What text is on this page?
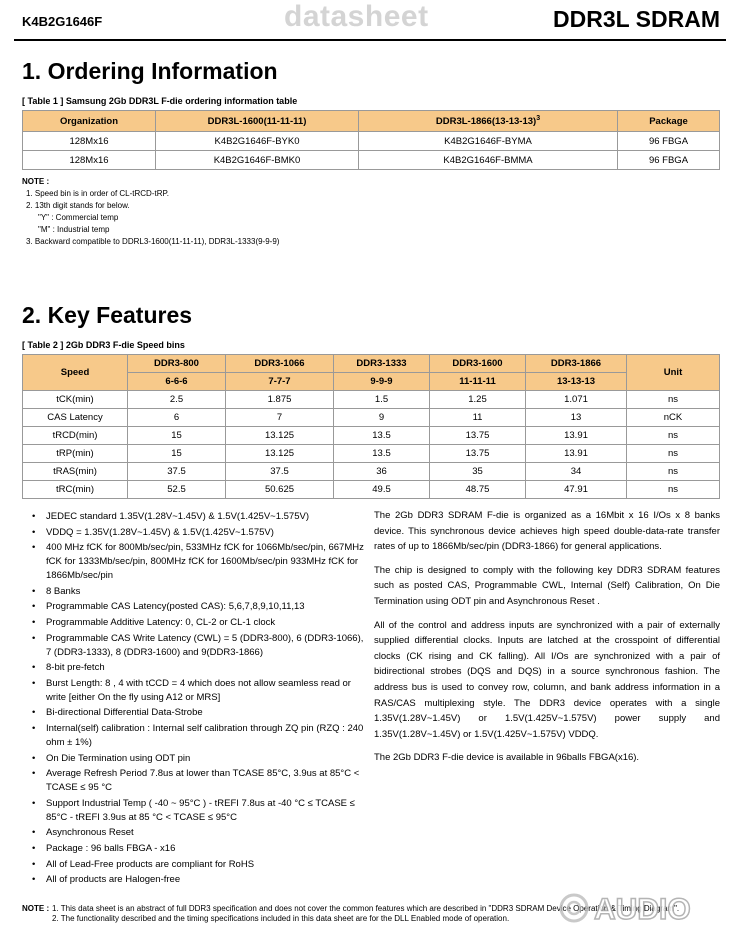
K4B2G1646F	datasheet	DDR3L SDRAM
1. Ordering Information
[ Table 1 ] Samsung 2Gb DDR3L F-die ordering information table
Organization	DDR3L-1600(11-11-11)	$DDR3L-1866(13-13-13)^3$	Package
128Mx16	K4B2G1646F-BYK0	K4B2G1646F-BYMA	96 FBGA
128Mx16	K4B2G1646F-BMK0	K4B2G1646F-BMMA	96 FBGA
NOTE :
1. Speed bin is in order of CL-tRCD-tRP.
2. 13th digit stands for below.
"Y" : Commercial temp
"M" : Industrial temp
3. Backward compatible to DDRL3-1600(11-11-11), DDR3L-1333(9-9-9)
2. Key Features
[ Table 2 ] 2Gb DDR3 F-die Speed bins
Speed	DDR3-800	DDR3-1066	DDR3-1333	DDR3-1600	DDR3-1866	Unit
	6-6-6	7-7-7	9-9-9	11-11-11	13-13-13	
tCK(min)	2.5	1.875	1.5	1.25	1.071	ns
CAS Latency	6	7	9	11	13	nCK
tRCD(min)	15	13.125	13.5	13.75	13.91	ns
tRP(min)	15	13.125	13.5	13.75	13.91	ns
tRAS(min)	37.5	37.5	36	35	34	ns
tRC(min)	52.5	50.625	49.5	48.75	47.91	ns
• JEDEC standard 1.35V(1.28V~1.45V) & 1.5V(1.425V~1.575V)
• VDDQ = 1.35V(1.28V~1.45V) & 1.5V(1.425V~1.575V)
• 400 MHz fCK for 800Mb/sec/pin, 533MHz fCK for 1066Mb/sec/pin, 667MHz fCK for 1333Mb/sec/pin, 800MHz fCK for 1600Mb/sec/pin 933MHz fCK for 1866Mb/sec/pin
• 8 Banks
• Programmable CAS Latency(posted CAS): 5,6,7,8,9,10,11,13
• Programmable Additive Latency: 0, CL-2 or CL-1 clock
• Programmable CAS Write Latency (CWL) = 5 (DDR3-800), 6 (DDR3-1066), 7 (DDR3-1333), 8 (DDR3-1600) and 9(DDR3-1866)
• 8-bit pre-fetch
• Burst Length: 8 , 4 with tCCD = 4 which does not allow seamless read or write [either On the fly using A12 or MRS]
• Bi-directional Differential Data-Strobe
• Internal(self) calibration : Internal self calibration through ZQ pin (RZQ : 240 ohm ± 1%)
• On Die Termination using ODT pin
• Average Refresh Period 7.8us at lower than TCASE 85°C, 3.9us at 85°C < TCASE ≤ 95 °C
• Support Industrial Temp ( -40 ~ 95°C ) - tREFI 7.8us at -40 °C ≤ TCASE ≤ 85°C - tREFI 3.9us at 85 °C < TCASE ≤ 95°C
• Asynchronous Reset
• Package : 96 balls FBGA - x16
• All of Lead-Free products are compliant for RoHS
• All of products are Halogen-free

The 2Gb DDR3 SDRAM F-die is organized as a 16Mbit x 16 I/Os x 8 banks device. This synchronous device achieves high speed double-data-rate transfer rates of up to 1866Mb/sec/pin (DDR3-1866) for general applications.

The chip is designed to comply with the following key DDR3 SDRAM features such as posted CAS, Programmable CWL, Internal (Self) Calibration, On Die Termination using ODT pin and Asynchronous Reset .

All of the control and address inputs are synchronized with a pair of externally supplied differential clocks. Inputs are latched at the crosspoint of differential clocks (CK rising and CK falling). All I/Os are synchronized with a pair of bidirectional strobes (DQS and DQS) in a source synchronous fashion. The address bus is used to convey row, column, and bank address information in a RAS/CAS multiplexing style. The DDR3 device operates with a single 1.35V(1.28V~1.45V) or 1.5V(1.425V~1.575V) power supply and 1.35V(1.28V~1.45V) or 1.5V(1.425V~1.575V) VDDQ.

The 2Gb DDR3 F-die device is available in 96balls FBGA(x16).

NOTE : 1. This data sheet is an abstract of full DDR3 specification and does not cover the common features which are described in "DDR3 SDRAM Device Operation & Timing Diagram".
2. The functionality described and the timing specifications included in this data sheet are for the DLL Enabled mode of operation.	AUDIO
